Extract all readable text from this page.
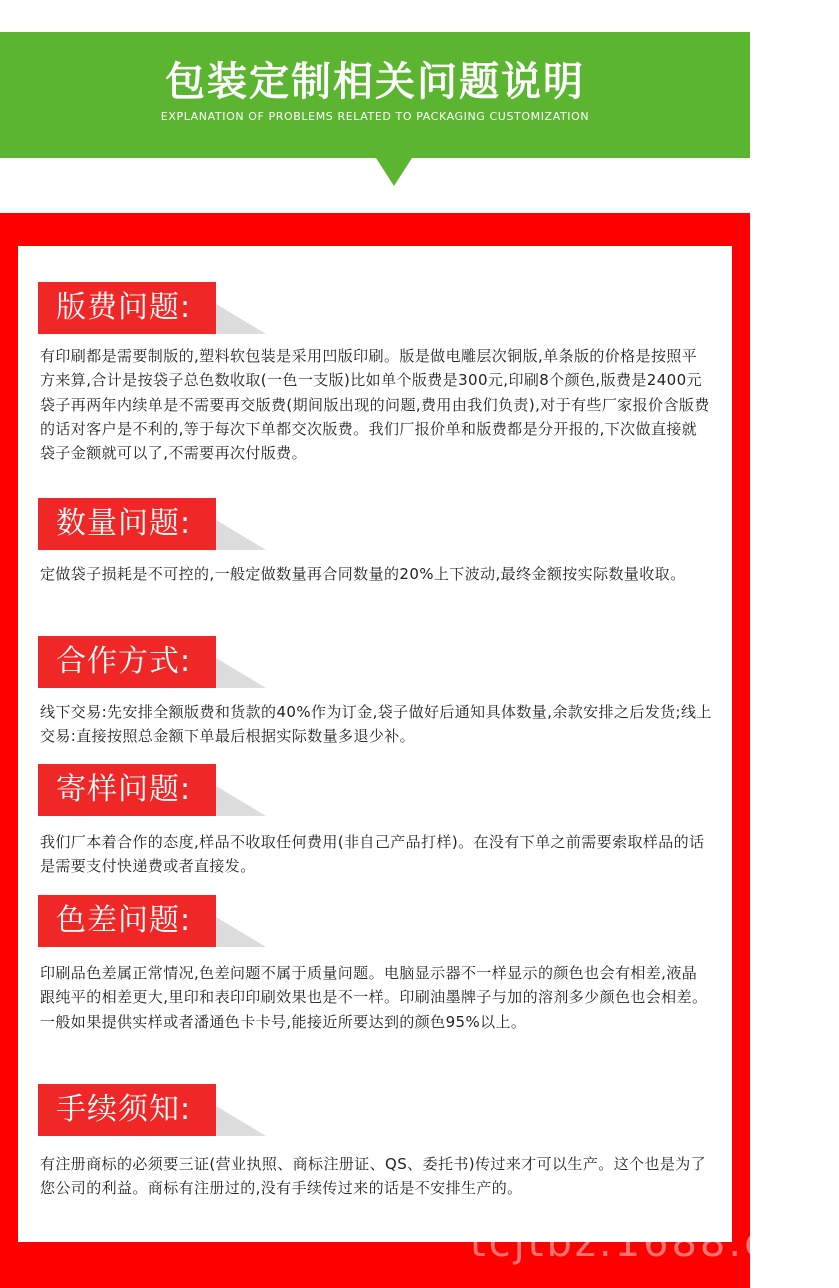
包装定制相关问题说明
EXPLANATION OF PROBLEMS RELATED TO PACKAGING CUSTOMIZATION
版费问题:
有印刷都是需要制版的,塑料软包装是采用凹版印刷。版是做电雕层次铜版,单条版的价格是按照平方来算,合计是按袋子总色数收取(一色一支版)比如单个版费是300元,印刷8个颜色,版费是2400元袋子再两年内续单是不需要再交版费(期间版出现的问题,费用由我们负责),对于有些厂家报价含版费的话对客户是不利的,等于每次下单都交次版费。我们厂报价单和版费都是分开报的,下次做直接就袋子金额就可以了,不需要再次付版费。
数量问题:
定做袋子损耗是不可控的,一般定做数量再合同数量的20%上下波动,最终金额按实际数量收取。
合作方式:
线下交易:先安排全额版费和货款的40%作为订金,袋子做好后通知具体数量,余款安排之后发货;线上交易:直接按照总金额下单最后根据实际数量多退少补。
寄样问题:
我们厂本着合作的态度,样品不收取任何费用(非自己产品打样)。在没有下单之前需要索取样品的话是需要支付快递费或者直接发。
色差问题:
印刷品色差属正常情况,色差问题不属于质量问题。电脑显示器不一样显示的颜色也会有相差,液晶跟纯平的相差更大,里印和表印印刷效果也是不一样。印刷油墨牌子与加的溶剂多少颜色也会相差。一般如果提供实样或者潘通色卡卡号,能接近所要达到的颜色95%以上。
手续须知:
有注册商标的必须要三证(营业执照、商标注册证、QS、委托书)传过来才可以生产。这个也是为了您公司的利益。商标有注册过的,没有手续传过来的话是不安排生产的。
tcjtbz.1688.com
